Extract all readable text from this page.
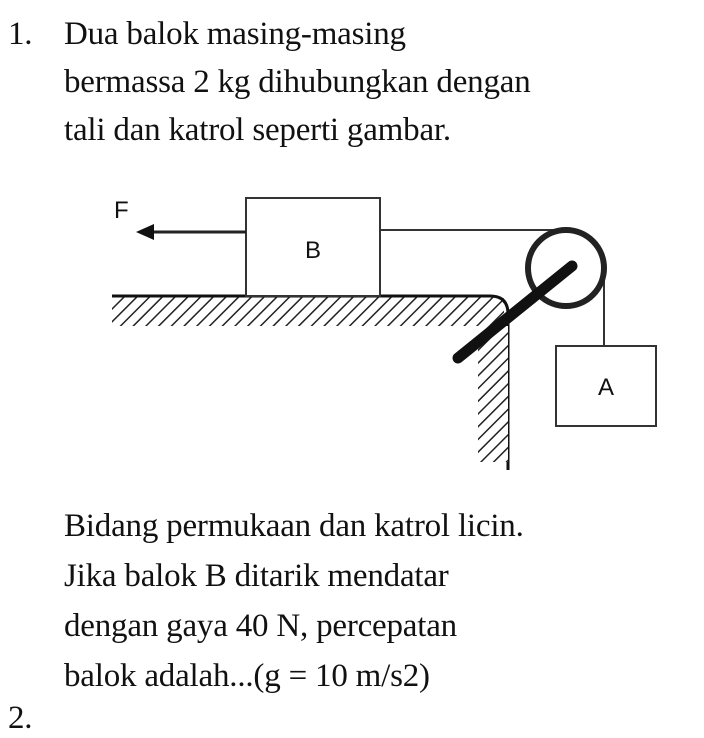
1. Dua balok masing-masing
bermassa 2 kg dihubungkan dengan
tali dan katrol seperti gambar.
B
A
F
Bidang permukaan dan katrol licin.
Jika balok B ditarik mendatar
dengan gaya 40 N, percepatan
balok adalah...(g = 10 m/s2)
2.
